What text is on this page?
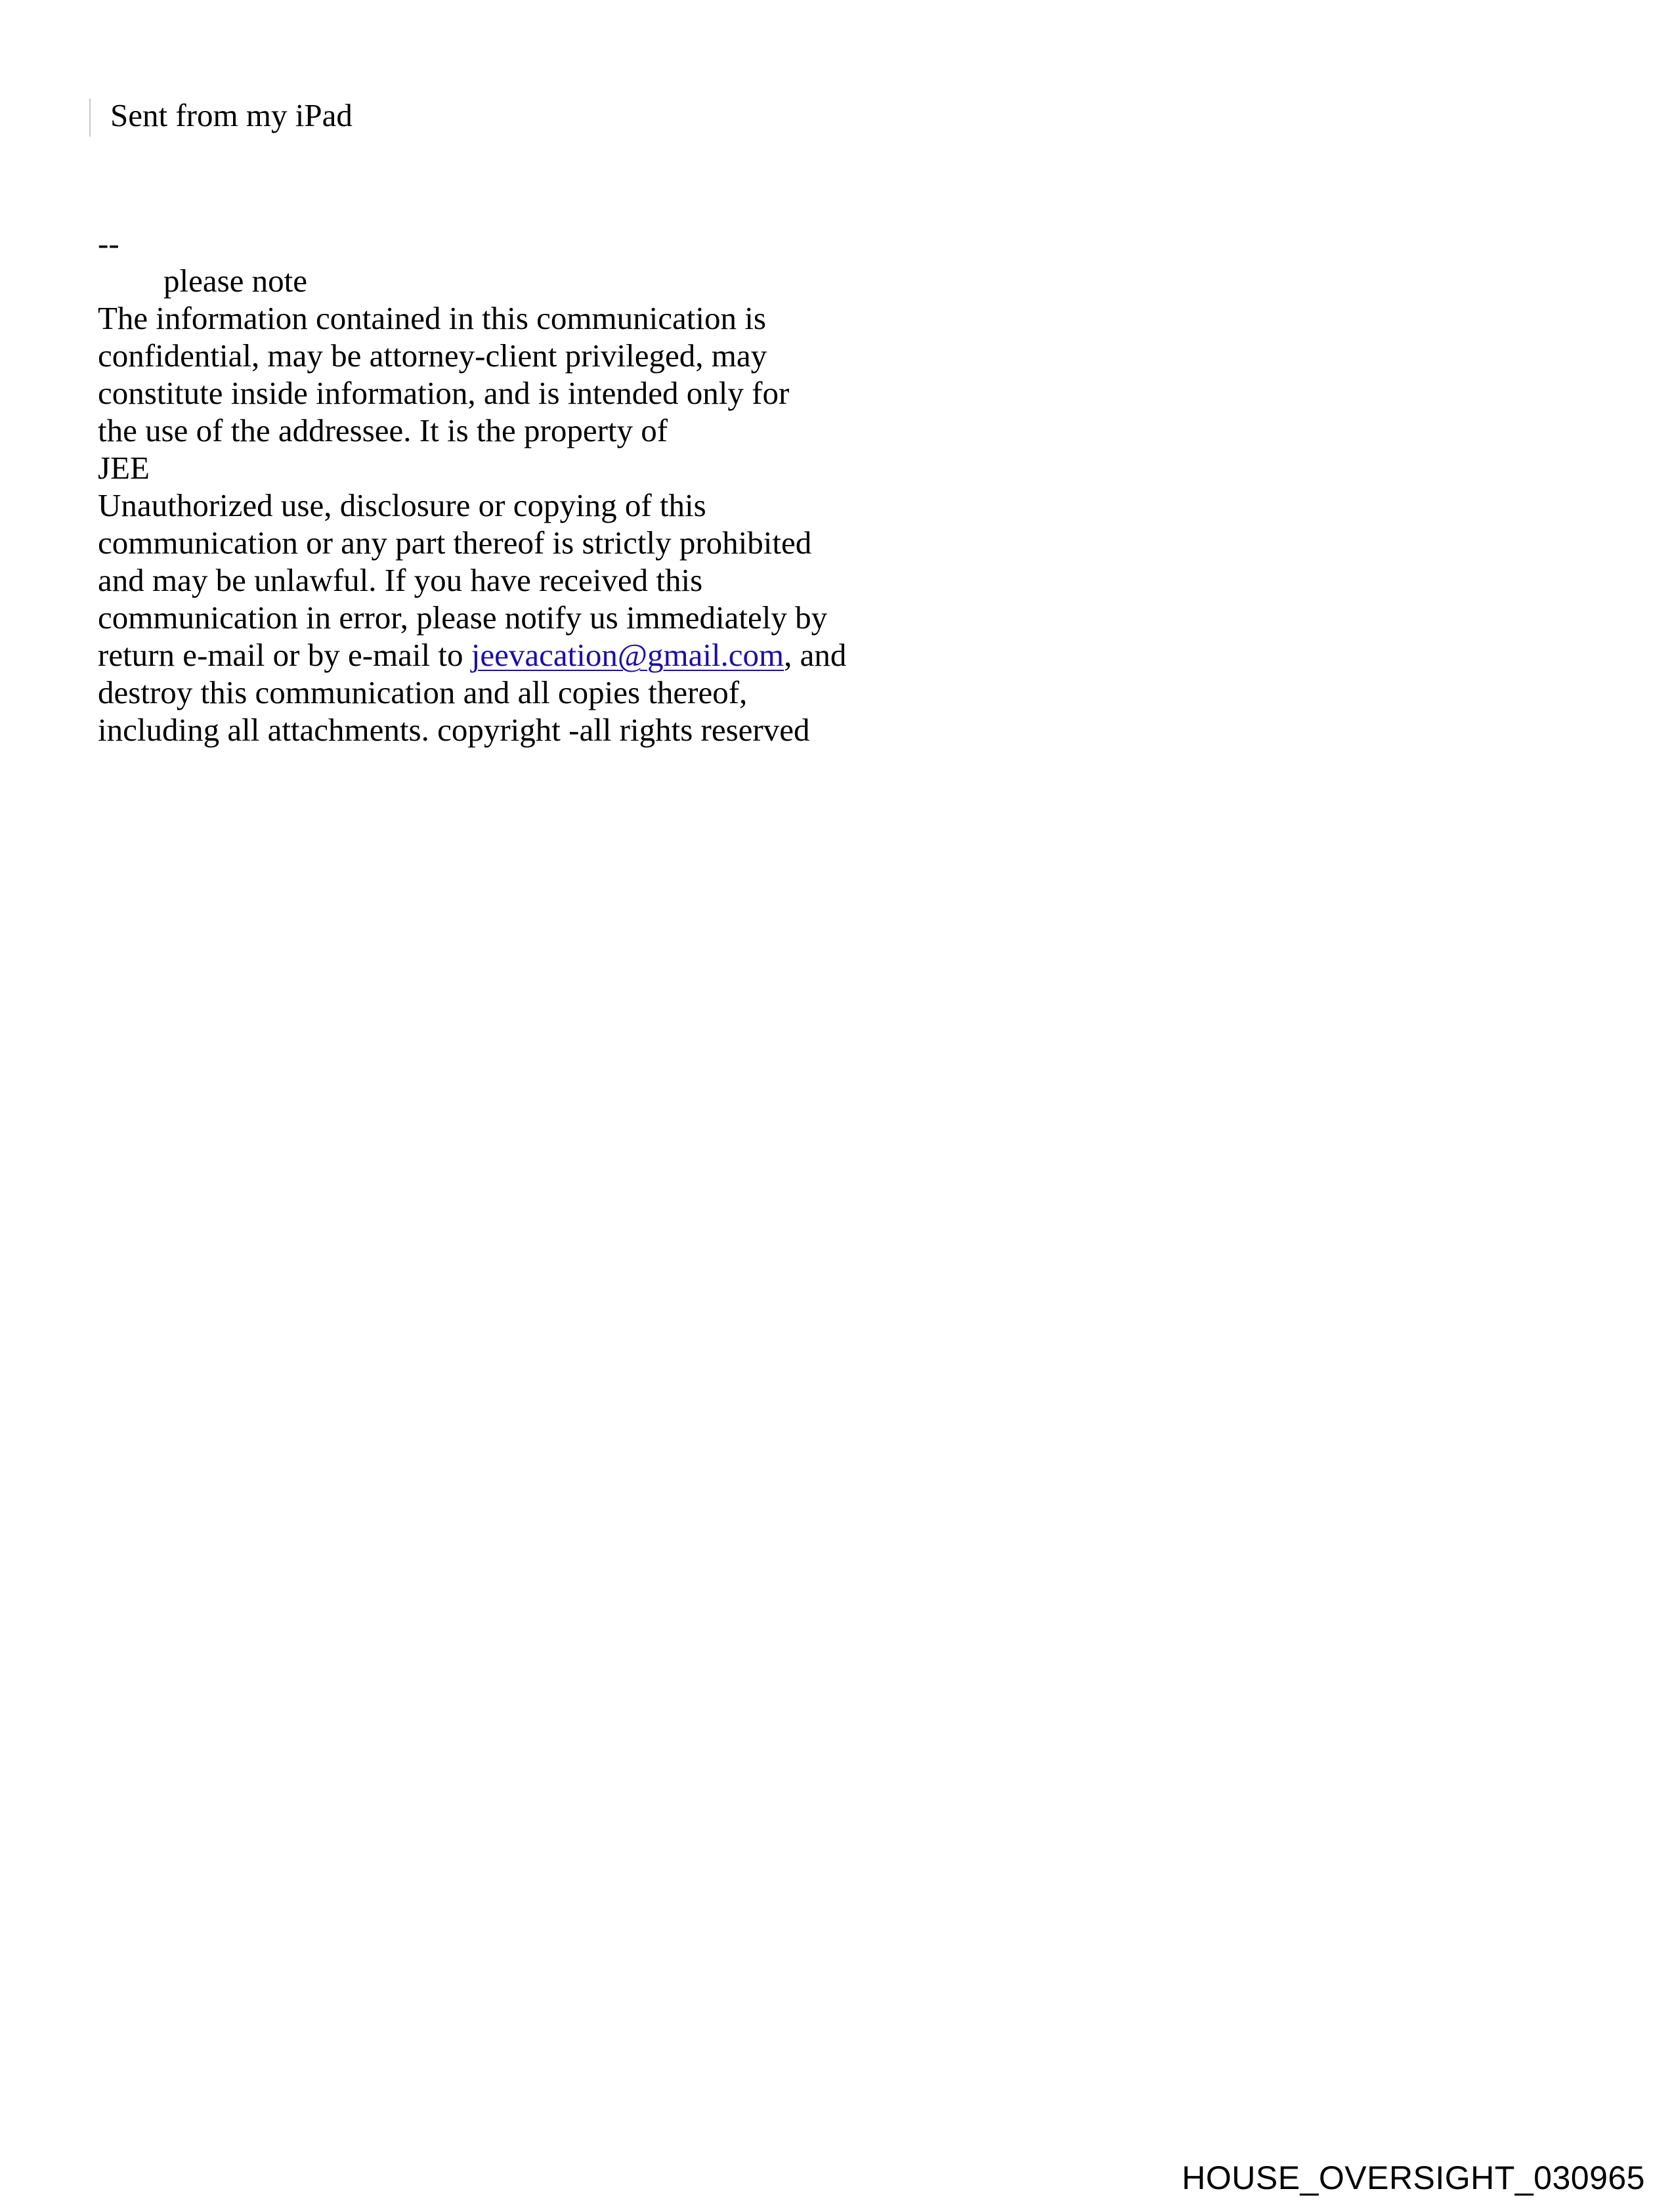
Sent from my iPad
--
please note
The information contained in this communication is
confidential, may be attorney-client privileged, may
constitute inside information, and is intended only for
the use of the addressee. It is the property of
JEE
Unauthorized use, disclosure or copying of this
communication or any part thereof is strictly prohibited
and may be unlawful. If you have received this
communication in error, please notify us immediately by
return e-mail or by e-mail to jeevacation@gmail.com, and
destroy this communication and all copies thereof,
including all attachments. copyright -all rights reserved
HOUSE_OVERSIGHT_030965
